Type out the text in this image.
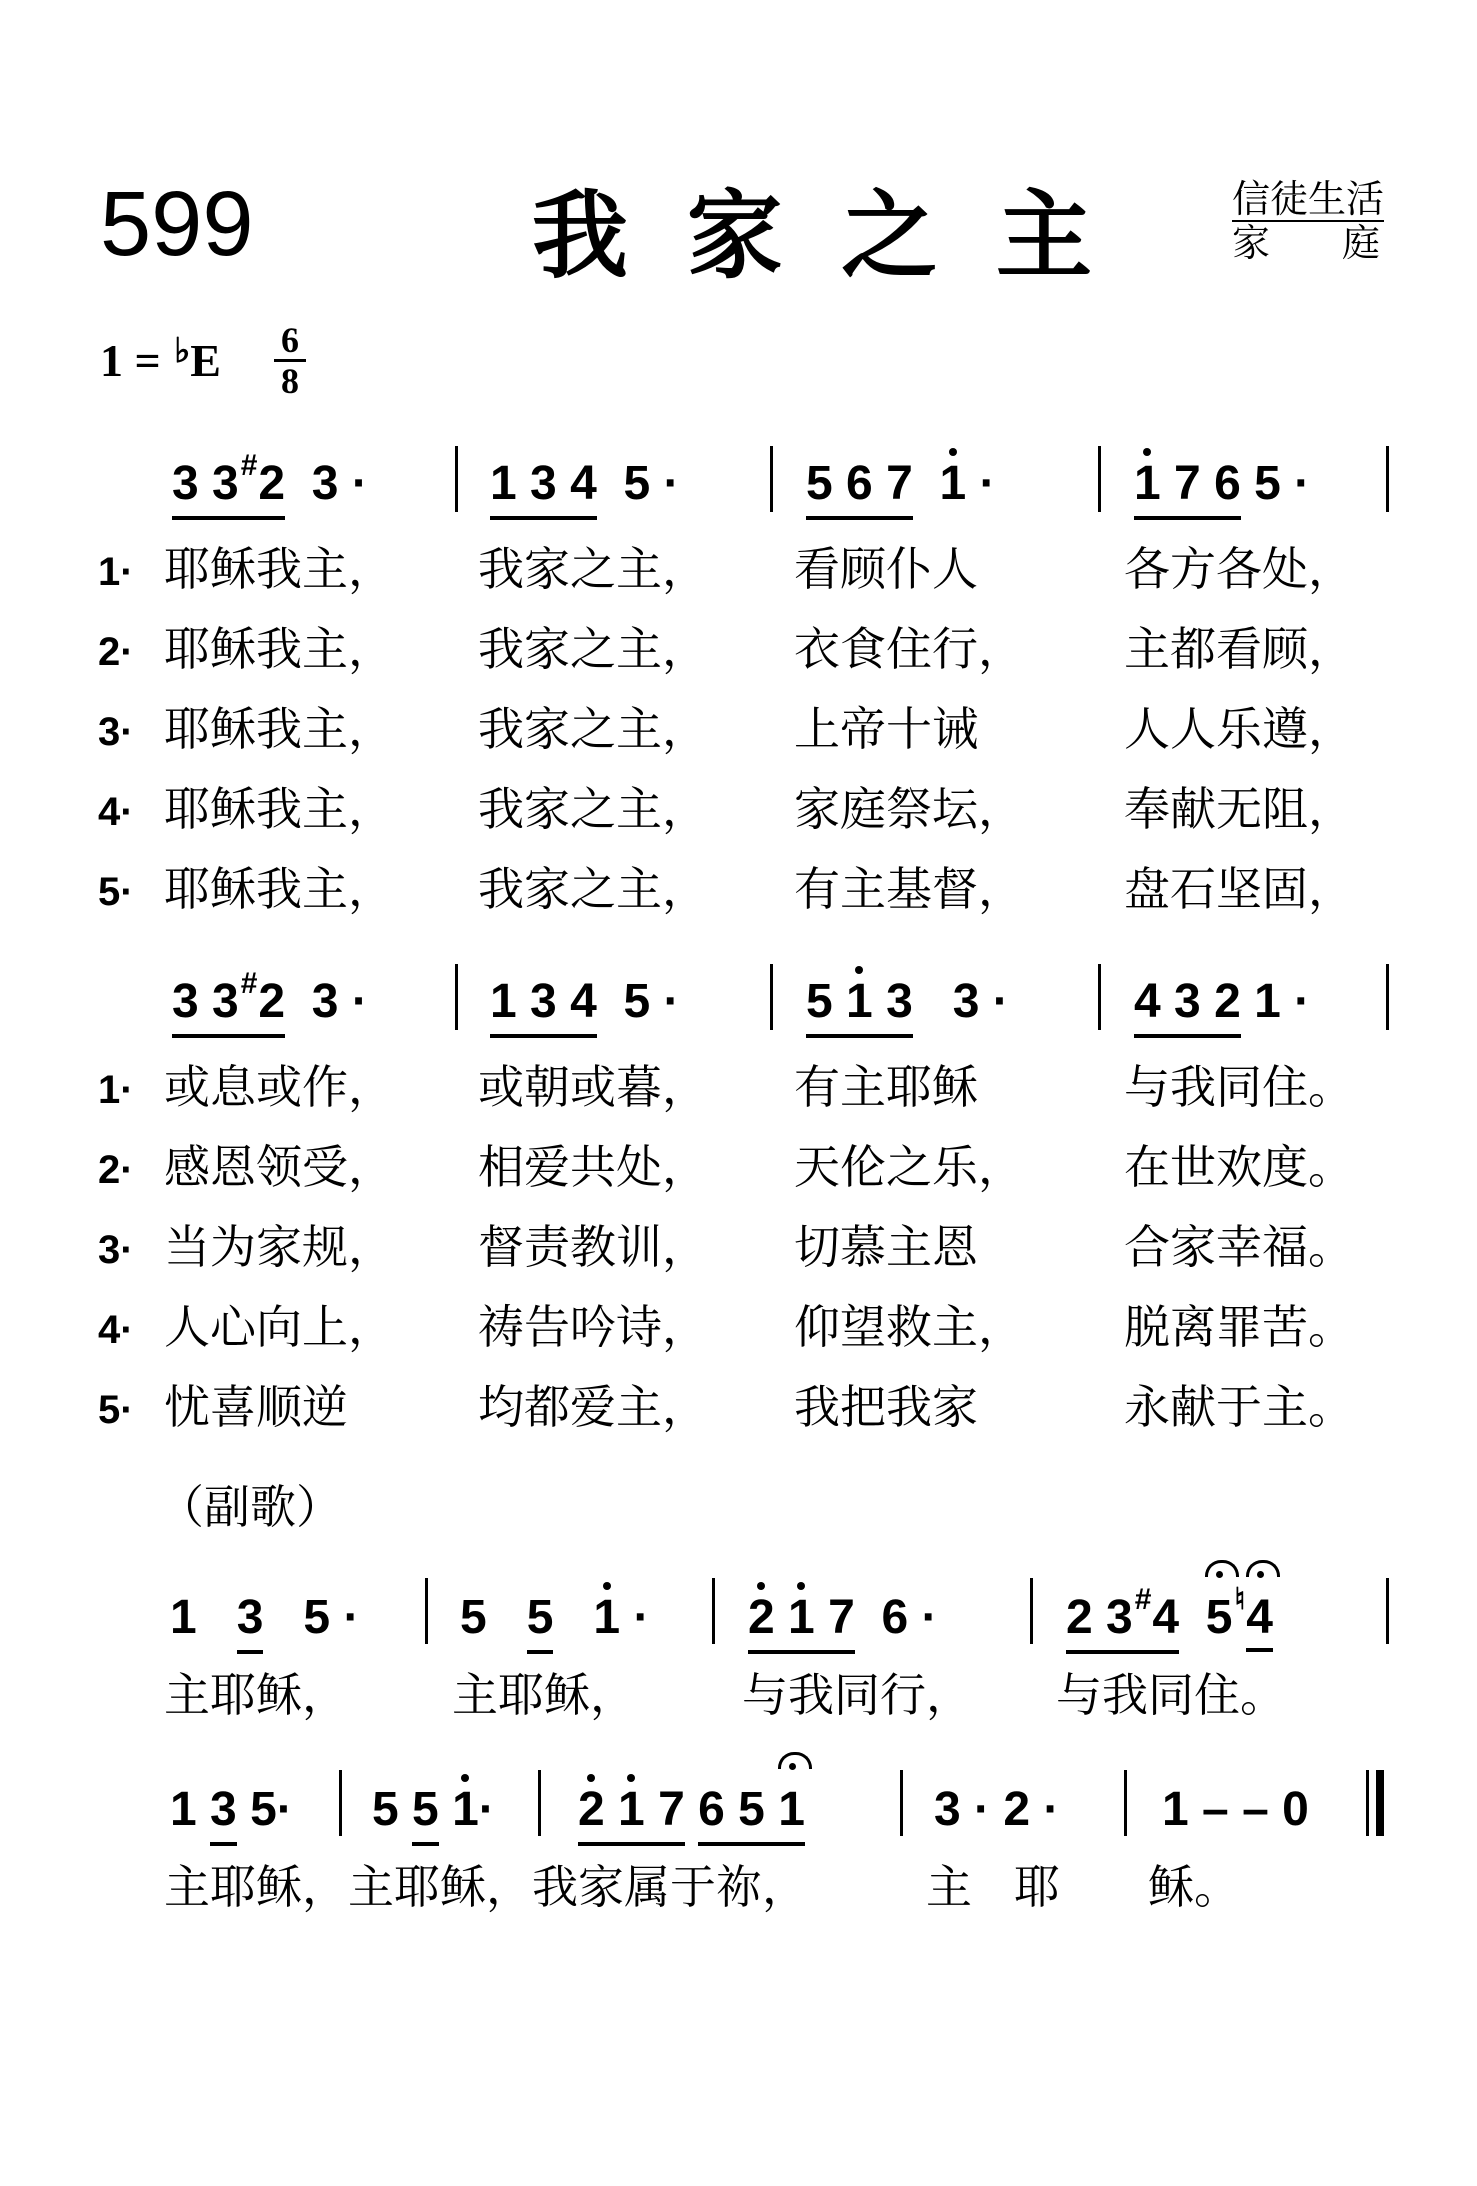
599	我 家 之 主	信徒生活
家 庭
1 = ♭E 6
8
3 3#2  3 ·	1 3 4  5 ·	5 6 7 1 ·	1 7 6 5 ·
1· 耶稣我主， 我家之主， 看顾仆人	各方各处，
2· 耶稣我主， 我家之主， 衣食住行， 主都看顾，
3· 耶稣我主， 我家之主， 上帝十诫	人人乐遵，
4· 耶稣我主， 我家之主， 家庭祭坛， 奉献无阻，
5· 耶稣我主， 我家之主， 有主基督， 盘石坚固，
3 3#2  3 ·	1 3 4  5 ·	5 1 3   3 ·	4 3 2 1 ·
1· 或息或作， 或朝或暮， 有主耶稣	与我同住。
2· 感恩领受， 相爱共处， 天伦之乐， 在世欢度。
3· 当为家规， 督责教训， 切慕主恩	合家幸福。
4· 人心向上， 祷告吟诗， 仰望救主， 脱离罪苦。
5· 忧喜顺逆	均都爱主， 我把我家	永献于主。
（副歌）
1   3   5 · 5   5 1 · 2 1 7  6 ·	2 3#4 5♮4
主耶稣，	主耶稣， 与我同行， 与我同住。
1 3 5· 5 5 1· 2 1 7 6 5 1	3 · 2 · 1 – – 0
主耶稣，主耶稣，我家属于祢，	主 耶 稣。
